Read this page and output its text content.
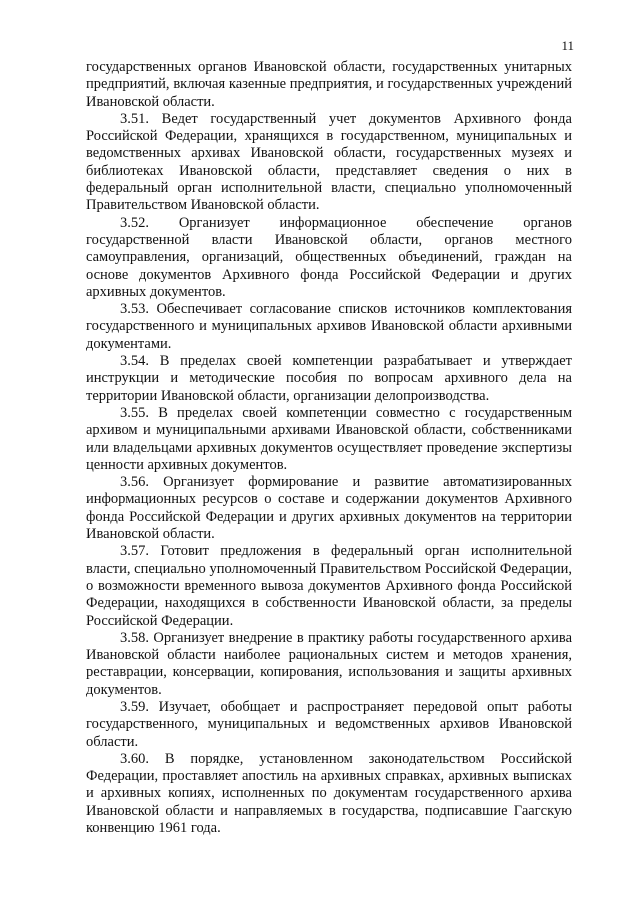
11

государственных органов Ивановской области, государственных унитарных предприятий, включая казенные предприятия, и государственных учреждений Ивановской области.

3.51. Ведет государственный учет документов Архивного фонда Российской Федерации, хранящихся в государственном, муниципальных и ведомственных архивах Ивановской области, государственных музеях и библиотеках Ивановской области, представляет сведения о них в федеральный орган исполнительной власти, специально уполномоченный Правительством Ивановской области.

3.52. Организует информационное обеспечение органов государственной власти Ивановской области, органов местного самоуправления, организаций, общественных объединений, граждан на основе документов Архивного фонда Российской Федерации и других архивных документов.

3.53. Обеспечивает согласование списков источников комплектования государственного и муниципальных архивов Ивановской области архивными документами.

3.54. В пределах своей компетенции разрабатывает и утверждает инструкции и методические пособия по вопросам архивного дела на территории Ивановской области, организации делопроизводства.

3.55. В пределах своей компетенции совместно с государственным архивом и муниципальными архивами Ивановской области, собственниками или владельцами архивных документов осуществляет проведение экспертизы ценности архивных документов.

3.56. Организует формирование и развитие автоматизированных информационных ресурсов о составе и содержании документов Архивного фонда Российской Федерации и других архивных документов на территории Ивановской области.

3.57. Готовит предложения в федеральный орган исполнительной власти, специально уполномоченный Правительством Российской Федерации, о возможности временного вывоза документов Архивного фонда Российской Федерации, находящихся в собственности Ивановской области, за пределы Российской Федерации.

3.58. Организует внедрение в практику работы государственного архива Ивановской области наиболее рациональных систем и методов хранения, реставрации, консервации, копирования, использования и защиты архивных документов.

3.59. Изучает, обобщает и распространяет передовой опыт работы государственного, муниципальных и ведомственных архивов Ивановской области.

3.60. В порядке, установленном законодательством Российской Федерации, проставляет апостиль на архивных справках, архивных выписках и архивных копиях, исполненных по документам государственного архива Ивановской области и направляемых в государства, подписавшие Гаагскую конвенцию 1961 года.
